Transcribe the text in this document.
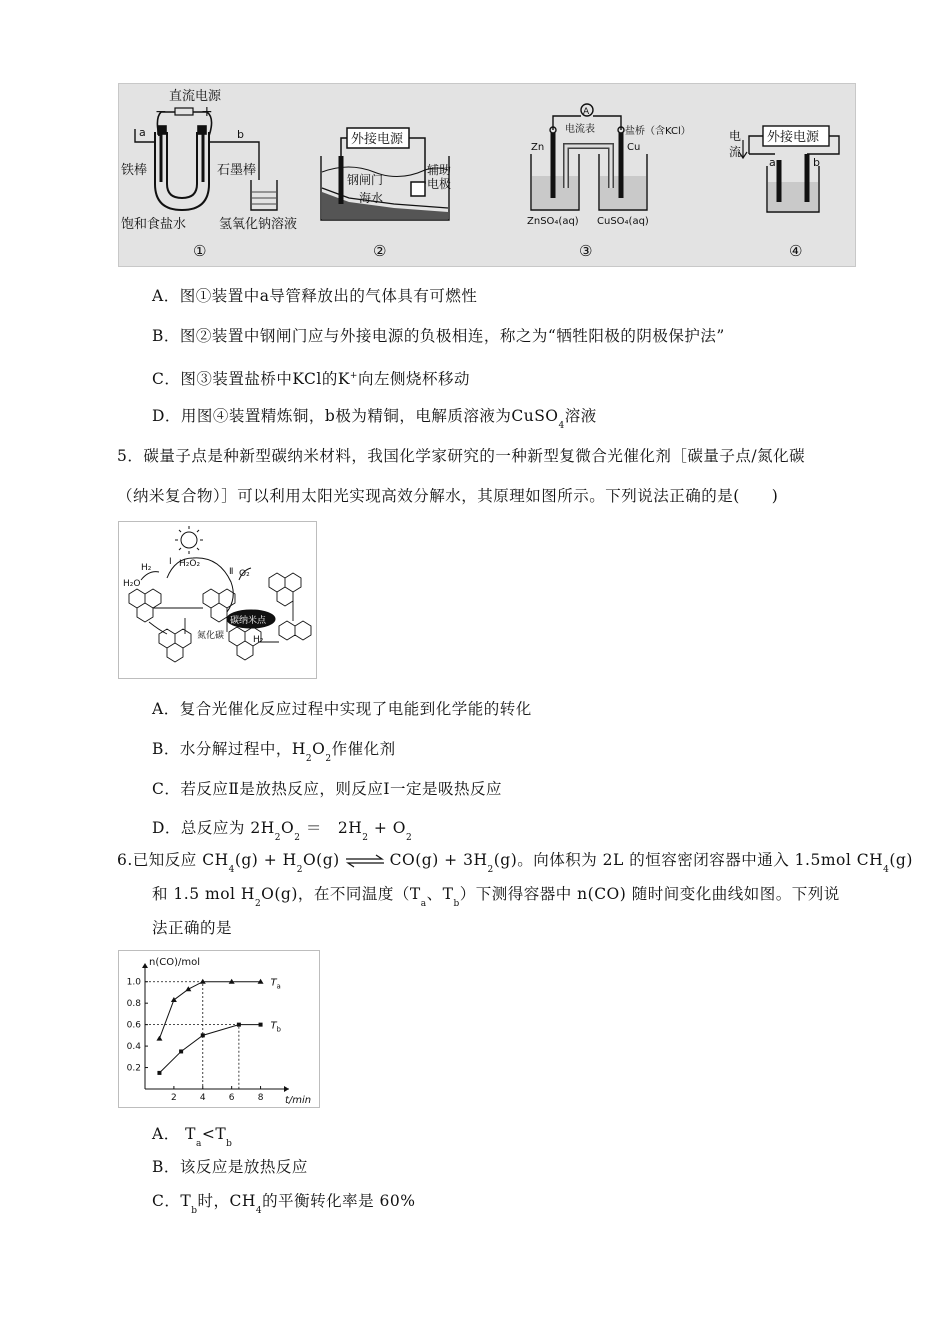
直流电源
− +
a	b
铁棒	石墨棒
饱和食盐水	氢氧化钠溶液
①
外接电源
钢闸门
辅助
电极
海水
②
A
电流表	盐桥（含KCl）
Zn	Cu
ZnSO₄(aq) CuSO₄(aq)
③
外接电源
电
流
a	b
④
A．图①装置中a导管释放出的气体具有可燃性
B．图②装置中钢闸门应与外接电源的负极相连，称之为“牺牲阳极的阴极保护法”
C．图③装置盐桥中KCl的K+向左侧烧杯移动
D．用图④装置精炼铜，b极为精铜，电解质溶液为CuSO$_4$溶液
5．碳量子点是种新型碳纳米材料，我国化学家研究的一种新型复微合光催化剂［碳量子点/氮化碳
（纳米复合物）］可以利用太阳光实现高效分解水，其原理如图所示。下列说法正确的是(　　)
H₂O
H₂
Ⅰ H₂O₂
Ⅱ O₂
碳纳米点
氮化碳	H₂
A．复合光催化反应过程中实现了电能到化学能的转化
B．水分解过程中，$H_2O_2$作催化剂
C．若反应Ⅱ是放热反应，则反应Ⅰ一定是吸热反应
D．总反应为 $2H_2O_2$ ＝　$2H_2 + O_2$
6.已知反应 $CH_4(g) + H_2O(g)$ ⇌ $CO(g) + 3H_2(g)$。向体积为 2L 的恒容密闭容器中通入 1.5mol $CH_4(g)$
和 1.5 mol $H_2O(g)$，在不同温度（$T_a$、$T_b$）下测得容器中 n(CO) 随时间变化曲线如图。下列说
法正确的是
n(CO)/mol
t/min
0.2
0.4
0.6
0.8
1.0
2	4	6	8
T a
T b
A． $T_a<T_b$
B．该反应是放热反应
C．$T_b$时，$CH_4$的平衡转化率是 60%
